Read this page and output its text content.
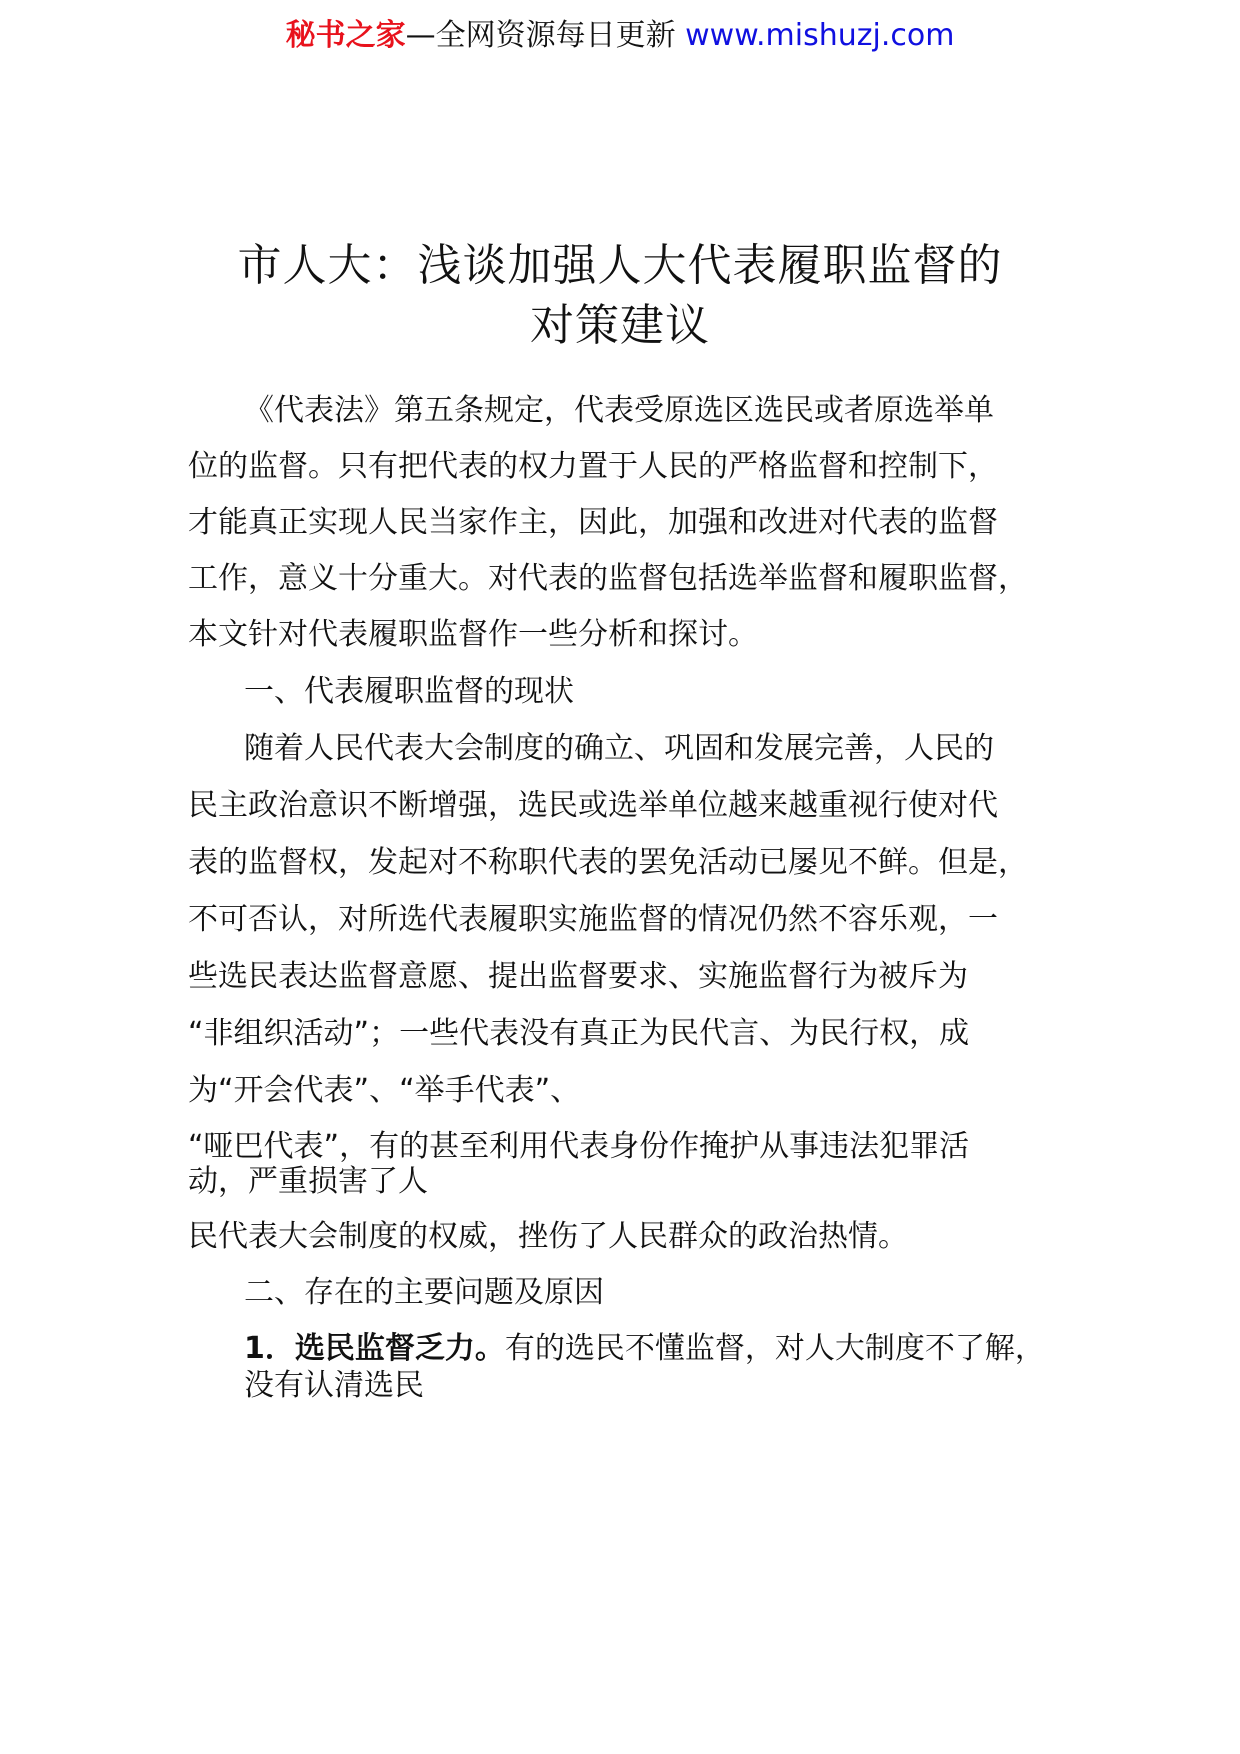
秘书之家—全网资源每日更新 www.mishuzj.com
市人大：浅谈加强人大代表履职监督的
对策建议
《代表法》第五条规定，代表受原选区选民或者原选举单
位的监督。只有把代表的权力置于人民的严格监督和控制下，
才能真正实现人民当家作主，因此，加强和改进对代表的监督
工作，意义十分重大。对代表的监督包括选举监督和履职监督，
本文针对代表履职监督作一些分析和探讨。
一、代表履职监督的现状
随着人民代表大会制度的确立、巩固和发展完善，人民的
民主政治意识不断增强，选民或选举单位越来越重视行使对代
表的监督权，发起对不称职代表的罢免活动已屡见不鲜。但是，
不可否认，对所选代表履职实施监督的情况仍然不容乐观，一
些选民表达监督意愿、提出监督要求、实施监督行为被斥为
“非组织活动”；一些代表没有真正为民代言、为民行权，成
为“开会代表”、“举手代表”、
“哑巴代表”，有的甚至利用代表身份作掩护从事违法犯罪活
动，严重损害了人
民代表大会制度的权威，挫伤了人民群众的政治热情。
二、存在的主要问题及原因
1．选民监督乏力。有的选民不懂监督，对人大制度不了解，
没有认清选民
